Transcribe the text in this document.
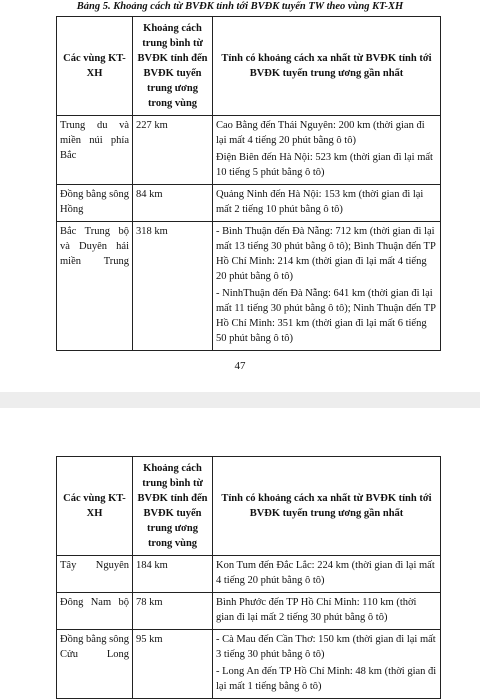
Bảng 5. Khoảng cách từ BVĐK tỉnh tới BVĐK tuyến TW theo vùng KT-XH
Các vùng KT-XH	Khoảng cách trung bình từ BVĐK tỉnh đến BVĐK tuyến trung ương trong vùng	Tỉnh có khoảng cách xa nhất từ BVĐK tỉnh tới BVĐK tuyến trung ương gần nhất
Trung du và miền núi phía Bắc	227 km	Cao Bằng đến Thái Nguyên: 200 km (thời gian đi lại mất 4 tiếng 20 phút bằng ô tô)

Điện Biên đến Hà Nội: 523 km (thời gian đi lại mất 10 tiếng 5 phút bằng ô tô)

Đồng bằng sông Hồng	84 km	Quảng Ninh đến Hà Nội: 153 km (thời gian đi lại mất 2 tiếng 10 phút bằng ô tô)

Bắc Trung bộ và Duyên hải miền Trung	318 km	- Bình Thuận đến Đà Nẵng: 712 km (thời gian đi lại mất 13 tiếng 30 phút bằng ô tô); Bình Thuận đến TP Hồ Chí Minh: 214 km (thời gian đi lại mất 4 tiếng 20 phút bằng ô tô)

- NinhThuận đến Đà Nẵng: 641 km (thời gian đi lại mất 11 tiếng 30 phút bằng ô tô); Ninh Thuận đến TP Hồ Chí Minh: 351 km (thời gian đi lại mất 6 tiếng 50 phút bằng ô tô)

47
Các vùng KT-XH	Khoảng cách trung bình từ BVĐK tỉnh đến BVĐK tuyến trung ương trong vùng	Tỉnh có khoảng cách xa nhất từ BVĐK tỉnh tới BVĐK tuyến trung ương gần nhất
Tây Nguyên	184 km	Kon Tum đến Đắc Lắc: 224 km (thời gian đi lại mất 4 tiếng 20 phút bằng ô tô)

Đông Nam bộ	78 km	Bình Phước đến TP Hồ Chí Minh: 110 km (thời gian đi lại mất 2 tiếng 30 phút bằng ô tô)

Đồng bằng sông Cửu Long	95 km	- Cà Mau đến Cần Thơ: 150 km (thời gian đi lại mất 3 tiếng 30 phút bằng ô tô)

- Long An đến TP Hồ Chí Minh: 48 km (thời gian đi lại mất 1 tiếng bằng ô tô)
